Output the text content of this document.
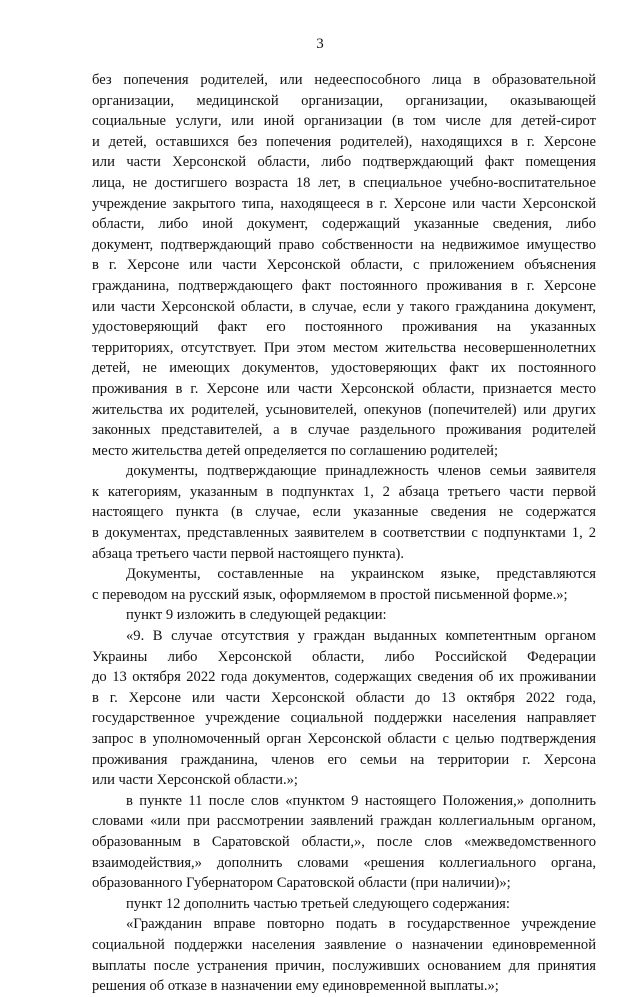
3
без попечения родителей, или недееспособного лица в образовательной
организации, медицинской организации, организации, оказывающей
социальные услуги, или иной организации (в том числе для детей-сирот
и детей, оставшихся без попечения родителей), находящихся в г. Херсоне
или части Херсонской области, либо подтверждающий факт помещения
лица, не достигшего возраста 18 лет, в специальное учебно-воспитательное
учреждение закрытого типа, находящееся в г. Херсоне или части Херсонской
области, либо иной документ, содержащий указанные сведения, либо
документ, подтверждающий право собственности на недвижимое имущество
в г. Херсоне или части Херсонской области, с приложением объяснения
гражданина, подтверждающего факт постоянного проживания в г. Херсоне
или части Херсонской области, в случае, если у такого гражданина документ,
удостоверяющий факт его постоянного проживания на указанных
территориях, отсутствует. При этом местом жительства несовершеннолетних
детей, не имеющих документов, удостоверяющих факт их постоянного
проживания в г. Херсоне или части Херсонской области, признается место
жительства их родителей, усыновителей, опекунов (попечителей) или других
законных представителей, а в случае раздельного проживания родителей
место жительства детей определяется по соглашению родителей;
документы, подтверждающие принадлежность членов семьи заявителя
к категориям, указанным в подпунктах 1, 2 абзаца третьего части первой
настоящего пункта (в случае, если указанные сведения не содержатся
в документах, представленных заявителем в соответствии с подпунктами 1, 2
абзаца третьего части первой настоящего пункта).
Документы, составленные на украинском языке, представляются
с переводом на русский язык, оформляемом в простой письменной форме.»;
пункт 9 изложить в следующей редакции:
«9. В случае отсутствия у граждан выданных компетентным органом
Украины либо Херсонской области, либо Российской Федерации
до 13 октября 2022 года документов, содержащих сведения об их проживании
в г. Херсоне или части Херсонской области до 13 октября 2022 года,
государственное учреждение социальной поддержки населения направляет
запрос в уполномоченный орган Херсонской области с целью подтверждения
проживания гражданина, членов его семьи на территории г. Херсона
или части Херсонской области.»;
в пункте 11 после слов «пунктом 9 настоящего Положения,» дополнить
словами «или при рассмотрении заявлений граждан коллегиальным органом,
образованным в Саратовской области,», после слов «межведомственного
взаимодействия,» дополнить словами «решения коллегиального органа,
образованного Губернатором Саратовской области (при наличии)»;
пункт 12 дополнить частью третьей следующего содержания:
«Гражданин вправе повторно подать в государственное учреждение
социальной поддержки населения заявление о назначении единовременной
выплаты после устранения причин, послуживших основанием для принятия
решения об отказе в назначении ему единовременной выплаты.»;
